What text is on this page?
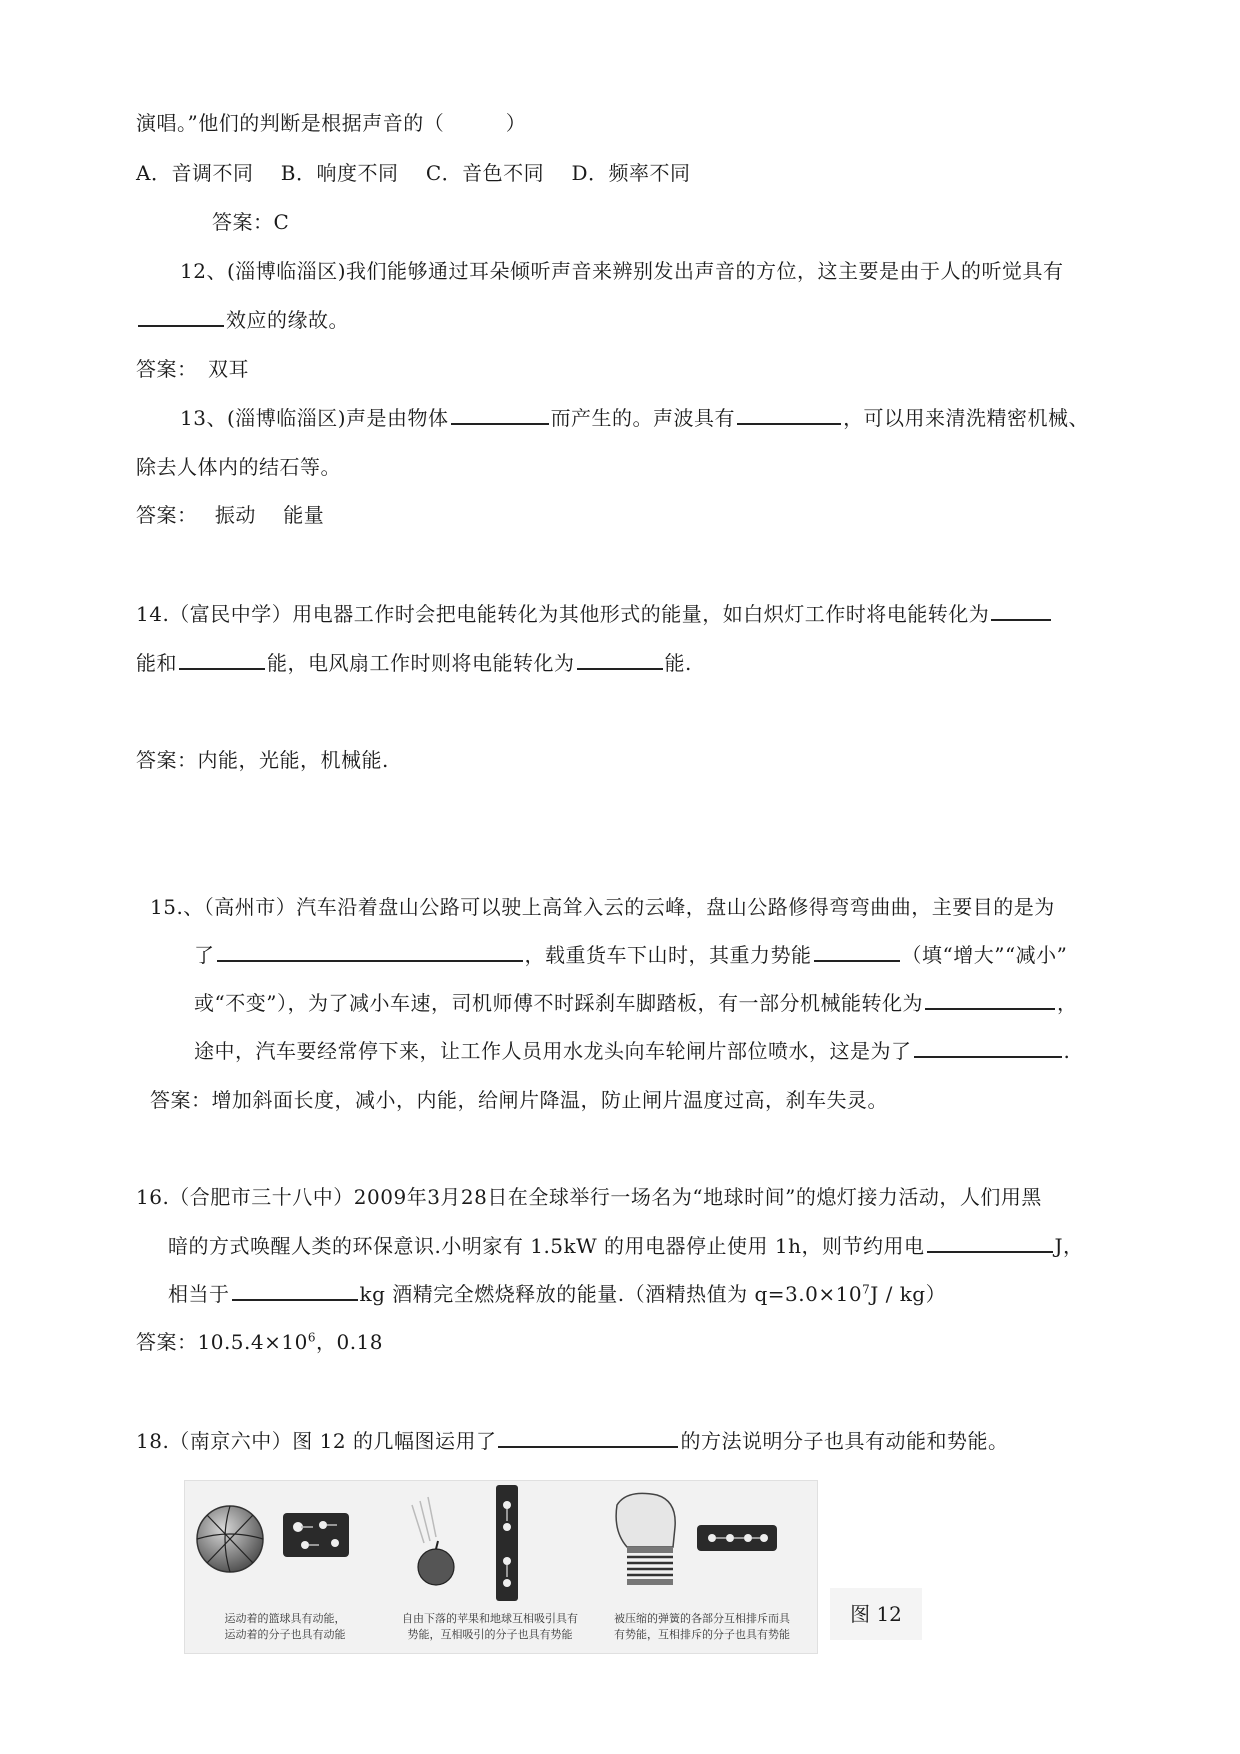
演唱。”他们的判断是根据声音的（　　　）
A．音调不同　 B．响度不同　 C．音色不同　 D．频率不同
答案：C
12、(淄博临淄区)我们能够通过耳朵倾听声音来辨别发出声音的方位，这主要是由于人的听觉具有
效应的缘故。
答案：　双耳
13、(淄博临淄区)声是由物体	而产生的。声波具有	，可以用来清洗精密机械、
除去人体内的结石等。
答案：　 振动　 能量
14.（富民中学）用电器工作时会把电能转化为其他形式的能量，如白炽灯工作时将电能转化为
能和	能，电风扇工作时则将电能转化为	能.
答案：内能，光能，机械能.
15.、（高州市）汽车沿着盘山公路可以驶上高耸入云的云峰，盘山公路修得弯弯曲曲，主要目的是为
了	，载重货车下山时，其重力势能	（填“增大”“减小”
或“不变”），为了减小车速，司机师傅不时踩刹车脚踏板，有一部分机械能转化为	，
途中，汽车要经常停下来，让工作人员用水龙头向车轮闸片部位喷水，这是为了	.
答案：增加斜面长度，减小，内能，给闸片降温，防止闸片温度过高，刹车失灵。
16.（合肥市三十八中）2009年3月28日在全球举行一场名为“地球时间”的熄灯接力活动，人们用黑
暗的方式唤醒人类的环保意识.小明家有 1.5kW 的用电器停止使用 1h，则节约用电	J，
相当于	kg 酒精完全燃烧释放的能量.（酒精热值为 $q=3.0\times 10^7J / kg$）
答案：$10.5.4\times 10^6$，0.18
18.（南京六中）图 12 的几幅图运用了	的方法说明分子也具有动能和势能。
运动着的篮球具有动能，
运动着的分子也具有动能
自由下落的苹果和地球互相吸引具有
势能，互相吸引的分子也具有势能
被压缩的弹簧的各部分互相排斥而具
有势能，互相排斥的分子也具有势能
图 12
